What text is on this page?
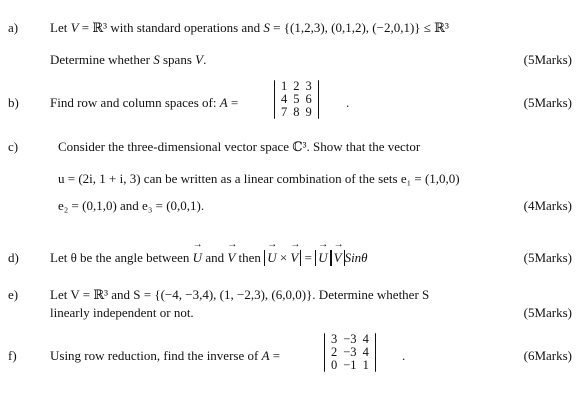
a) Let V = ℝ³ with standard operations and S = {(1,2,3), (0,1,2), (−2,0,1)} ≤ ℝ³
Determine whether S spans V.	(5Marks)
b) Find row and column spaces of: A =
1	2	3
4	5	6
7	8	9
.	(5Marks)
c)	Consider the three-dimensional vector space ℂ³. Show that the vector
u = (2i, 1 + i, 3) can be written as a linear combination of the sets e₁ = (1,0,0)
e₂ = (0,1,0) and e₃ = (0,0,1).	(4Marks)
d) Let θ be the angle between U → and V → then U → × V → = U → V → Sinθ	(5Marks)
e) Let V = ℝ³ and S = {(−4, −3,4), (1, −2,3), (6,0,0)}. Determine whether S
linearly independent or not.	(5Marks)
f)	Using row reduction, find the inverse of A =
3	−3	4
2	−3	4
0	−1	1
.	(6Marks)
